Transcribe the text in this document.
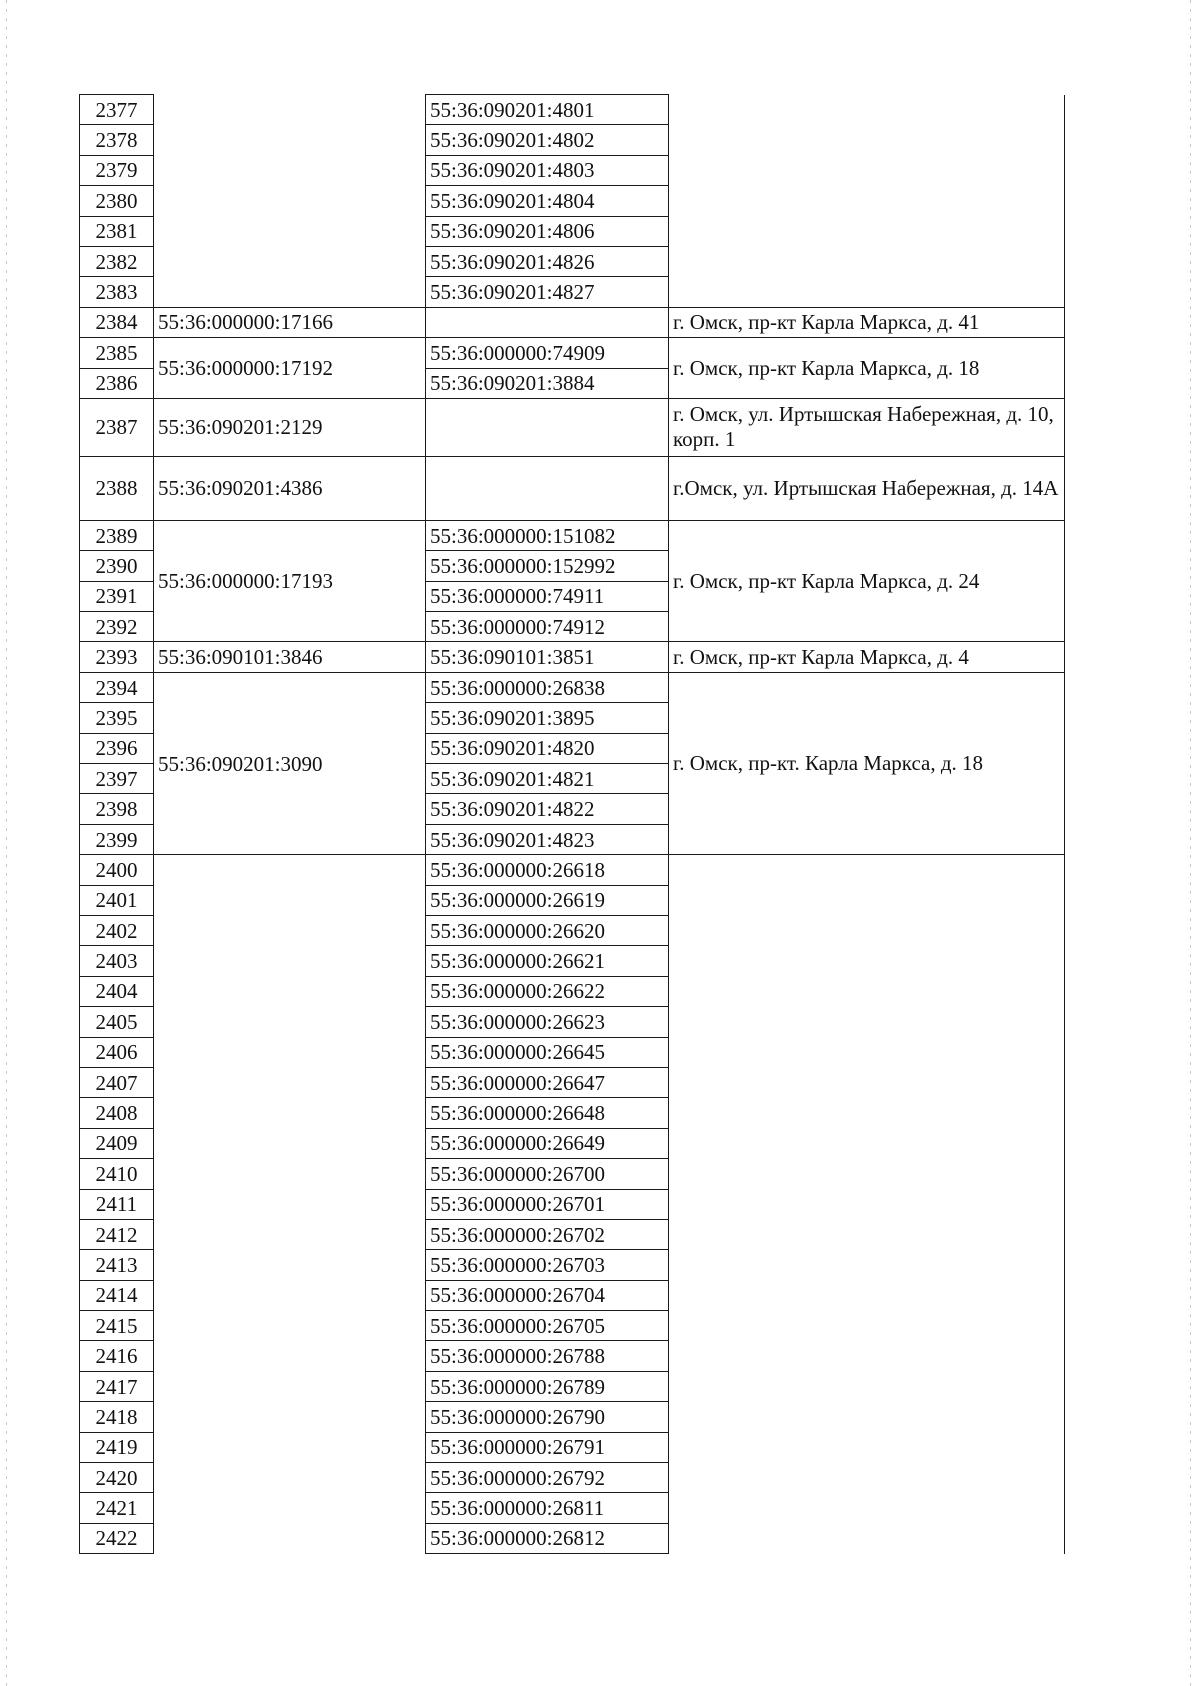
2377		55:36:090201:4801	
2378		55:36:090201:4802	
2379		55:36:090201:4803	
2380		55:36:090201:4804	
2381		55:36:090201:4806	
2382		55:36:090201:4826	
2383		55:36:090201:4827	
2384	55:36:000000:17166		г. Омск, пр-кт Карла Маркса, д. 41
2385	55:36:000000:17192	55:36:000000:74909	г. Омск, пр-кт Карла Маркса, д. 18
2386		55:36:090201:3884	
2387	55:36:090201:2129		г. Омск, ул. Иртышская Набережная, д. 10, корп. 1
2388	55:36:090201:4386		г.Омск, ул. Иртышская Набережная, д. 14А
2389	55:36:000000:17193	55:36:000000:151082	г. Омск, пр-кт Карла Маркса, д. 24
2390		55:36:000000:152992	
2391		55:36:000000:74911	
2392		55:36:000000:74912	
2393	55:36:090101:3846	55:36:090101:3851	г. Омск, пр-кт Карла Маркса, д. 4
2394	55:36:090201:3090	55:36:000000:26838	г. Омск, пр-кт. Карла Маркса, д. 18
2395		55:36:090201:3895	
2396		55:36:090201:4820	
2397		55:36:090201:4821	
2398		55:36:090201:4822	
2399		55:36:090201:4823	
2400		55:36:000000:26618	
2401		55:36:000000:26619	
2402		55:36:000000:26620	
2403		55:36:000000:26621	
2404		55:36:000000:26622	
2405		55:36:000000:26623	
2406		55:36:000000:26645	
2407		55:36:000000:26647	
2408		55:36:000000:26648	
2409		55:36:000000:26649	
2410		55:36:000000:26700	
2411		55:36:000000:26701	
2412		55:36:000000:26702	
2413		55:36:000000:26703	
2414		55:36:000000:26704	
2415		55:36:000000:26705	
2416		55:36:000000:26788	
2417		55:36:000000:26789	
2418		55:36:000000:26790	
2419		55:36:000000:26791	
2420		55:36:000000:26792	
2421		55:36:000000:26811	
2422		55:36:000000:26812	
